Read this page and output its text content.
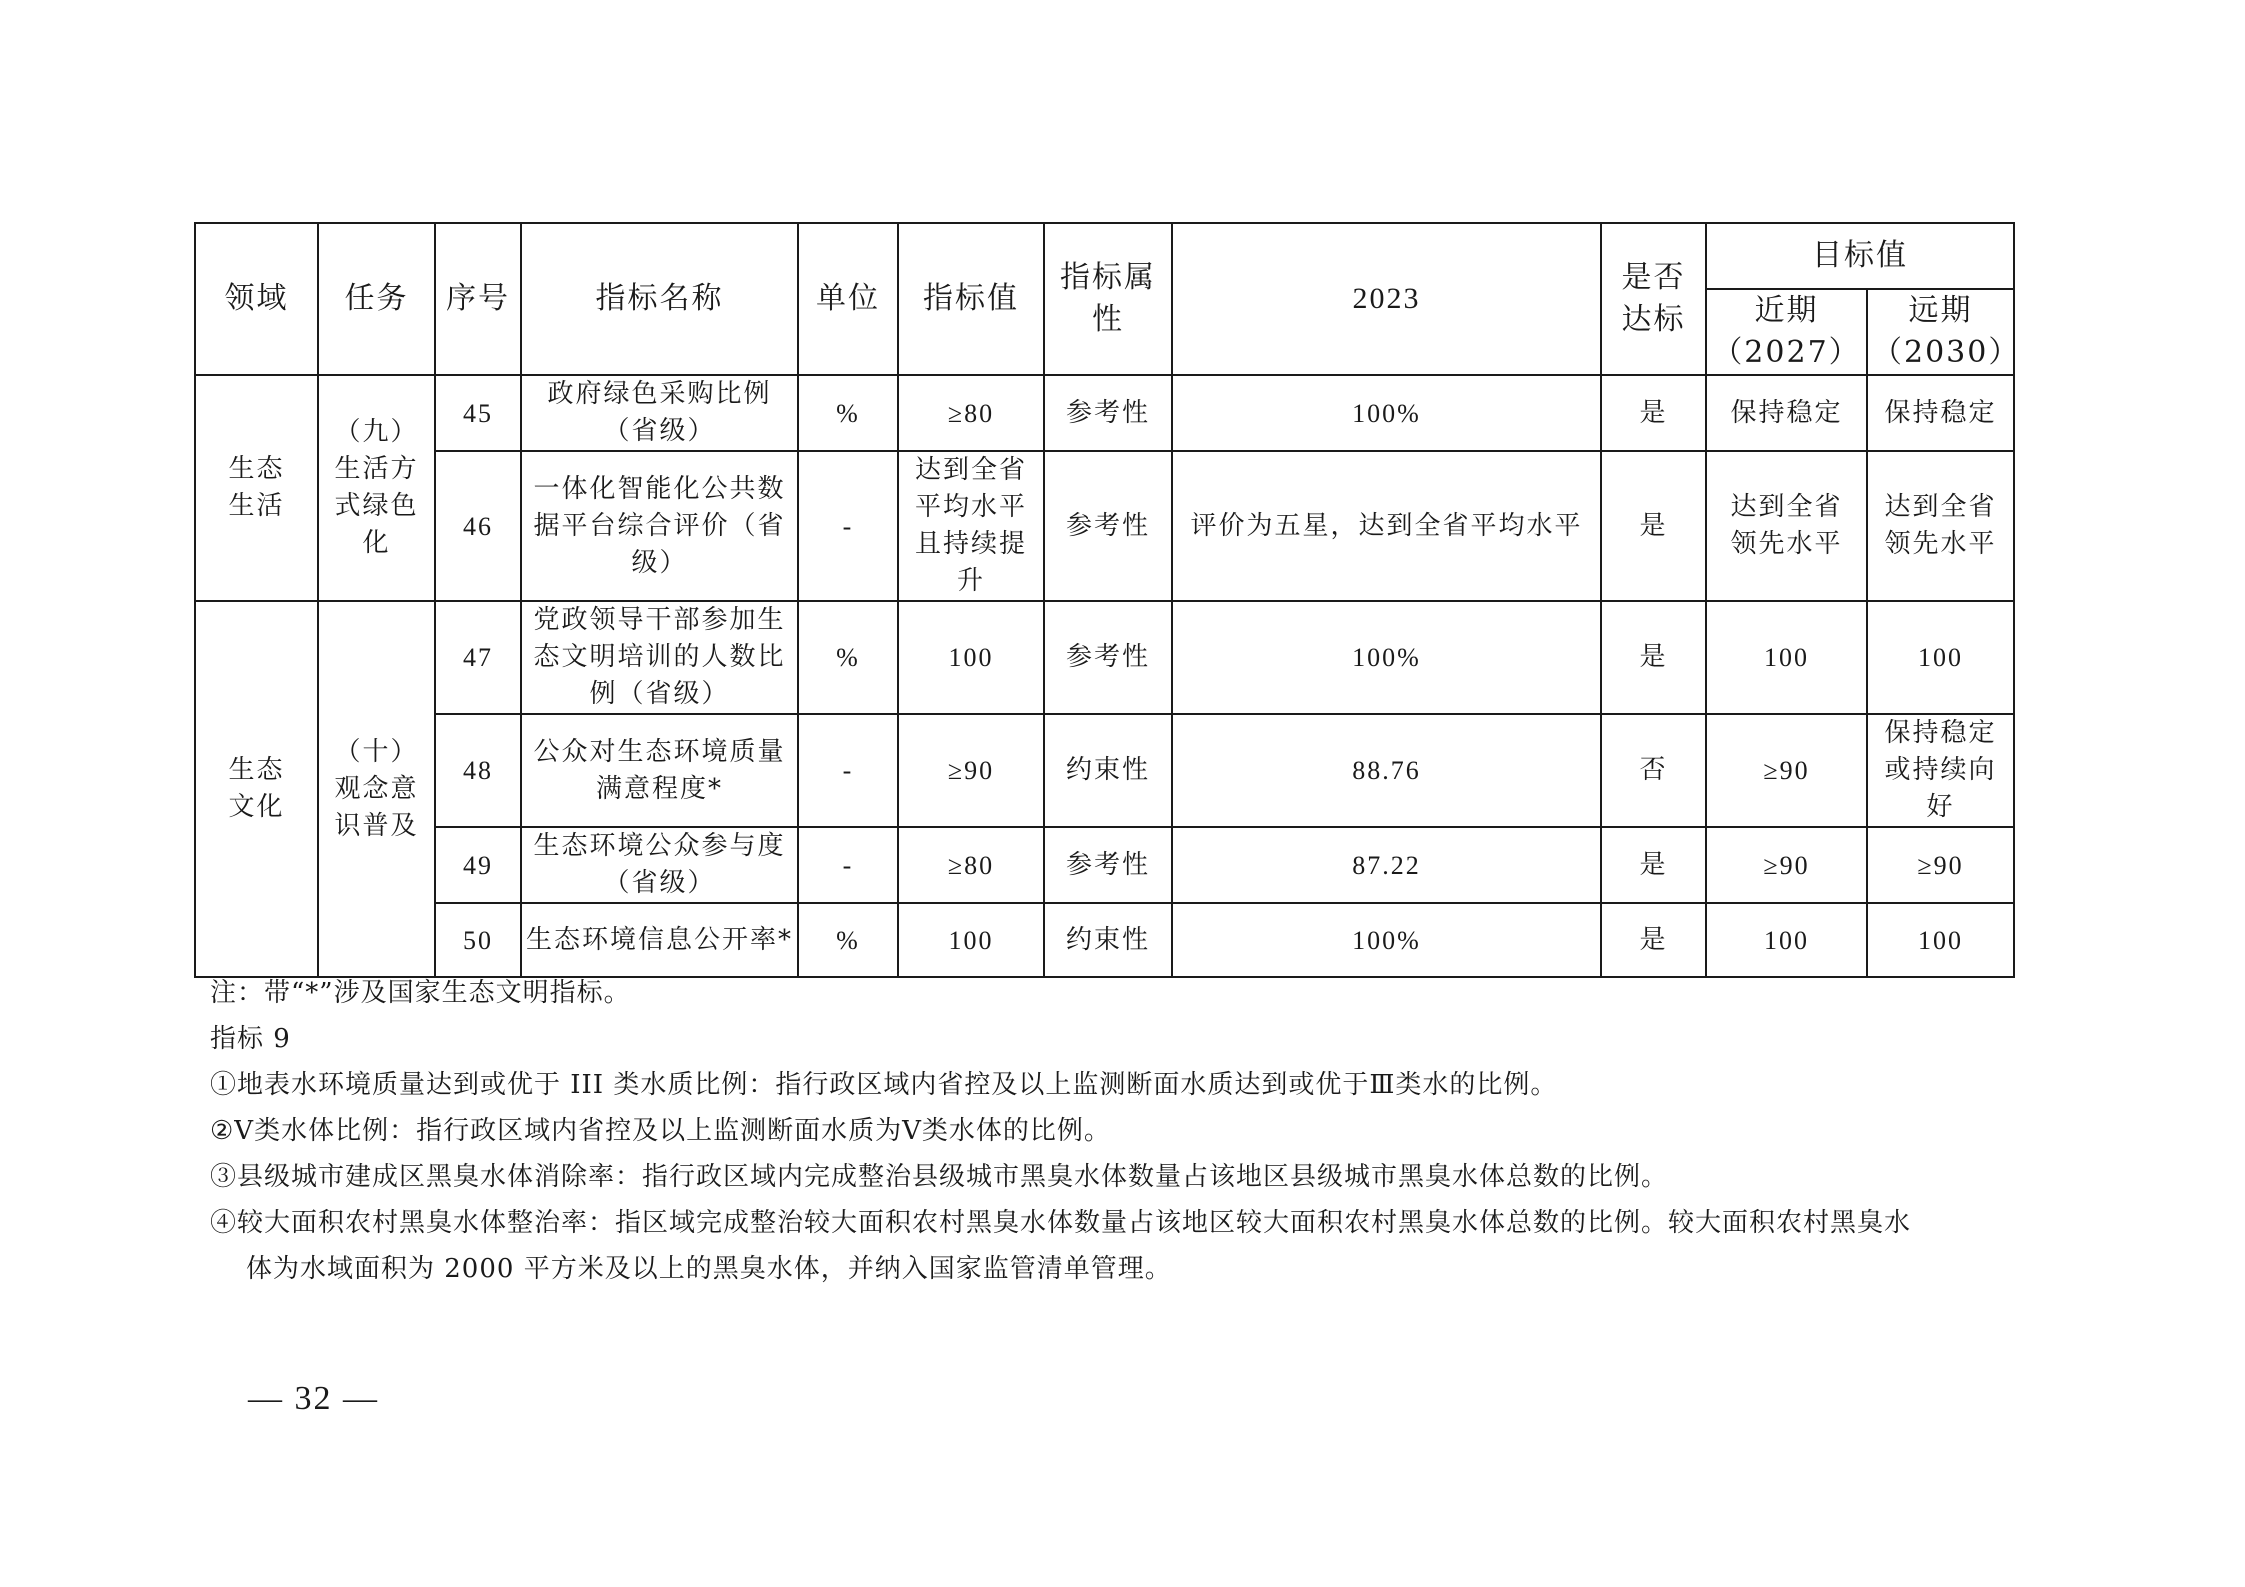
领域	任务	序号	指标名称	单位	指标值	指标属性	2023	是否达标	目标值	
									近期（2027）	远期（2030）
生态生活	（九）生活方式绿色化	45	政府绿色采购比例（省级）	%	≥80	参考性	100%	是	保持稳定	保持稳定
		46	一体化智能化公共数据平台综合评价（省级）	-	达到全省平均水平且持续提升	参考性	评价为五星，达到全省平均水平	是	达到全省领先水平	达到全省领先水平
生态文化	（十）观念意识普及	47	党政领导干部参加生态文明培训的人数比例（省级）	%	100	参考性	100%	是	100	100
		48	公众对生态环境质量满意程度*	-	≥90	约束性	88.76	否	≥90	保持稳定或持续向好
		49	生态环境公众参与度（省级）	-	≥80	参考性	87.22	是	≥90	≥90
		50	生态环境信息公开率*	%	100	约束性	100%	是	100	100
注：带“*”涉及国家生态文明指标。
指标 9
①地表水环境质量达到或优于 III 类水质比例：指行政区域内省控及以上监测断面水质达到或优于Ⅲ类水的比例。
②Ⅴ类水体比例：指行政区域内省控及以上监测断面水质为Ⅴ类水体的比例。
③县级城市建成区黑臭水体消除率：指行政区域内完成整治县级城市黑臭水体数量占该地区县级城市黑臭水体总数的比例。
④较大面积农村黑臭水体整治率：指区域完成整治较大面积农村黑臭水体数量占该地区较大面积农村黑臭水体总数的比例。较大面积农村黑臭水
体为水域面积为 2000 平方米及以上的黑臭水体，并纳入国家监管清单管理。
— 32 —
